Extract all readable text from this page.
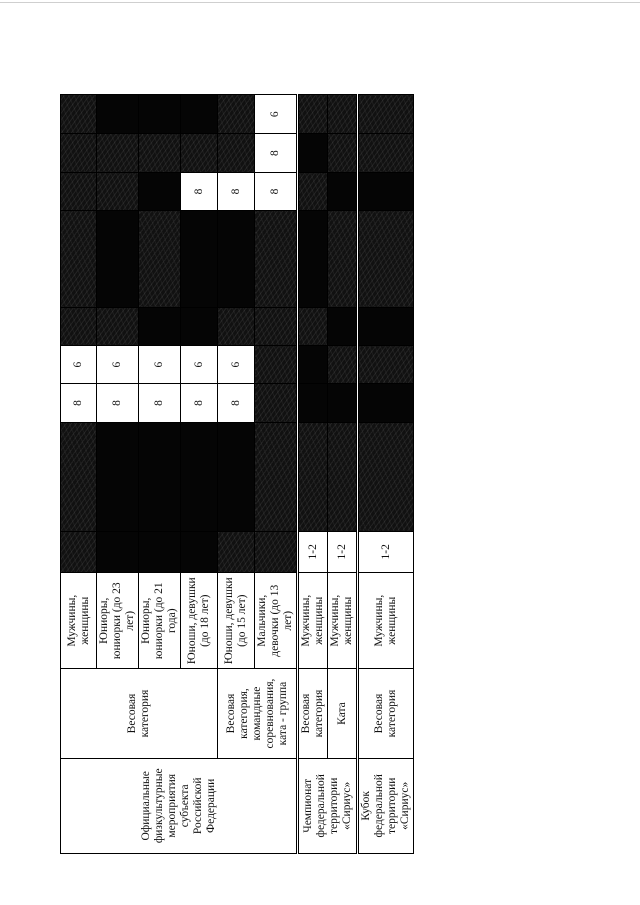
Официальные физкультурные мероприятия субъекта Российской Федерации	Весовая категория	Мужчины, женщины			8	6					
		Юниоры, юниорки (до 23 лет)			8	6					
		Юниоры, юниорки (до 21 года)			8	6					
		Юноши, девушки (до 18 лет)			8	6			8		
	Весовая категория, командные соревнования, ката - группа	Юноши, девушки (до 15 лет)			8	6			8		
		Мальчики, девочки (до 13 лет)							8	8	6
Чемпионат федеральной территории «Сириус»	Весовая категория	Мужчины, женщины	1-2								
	Ката	Мужчины, женщины	1-2								
Кубок федеральной территории «Сириус»	Весовая категория	Мужчины, женщины	1-2								
